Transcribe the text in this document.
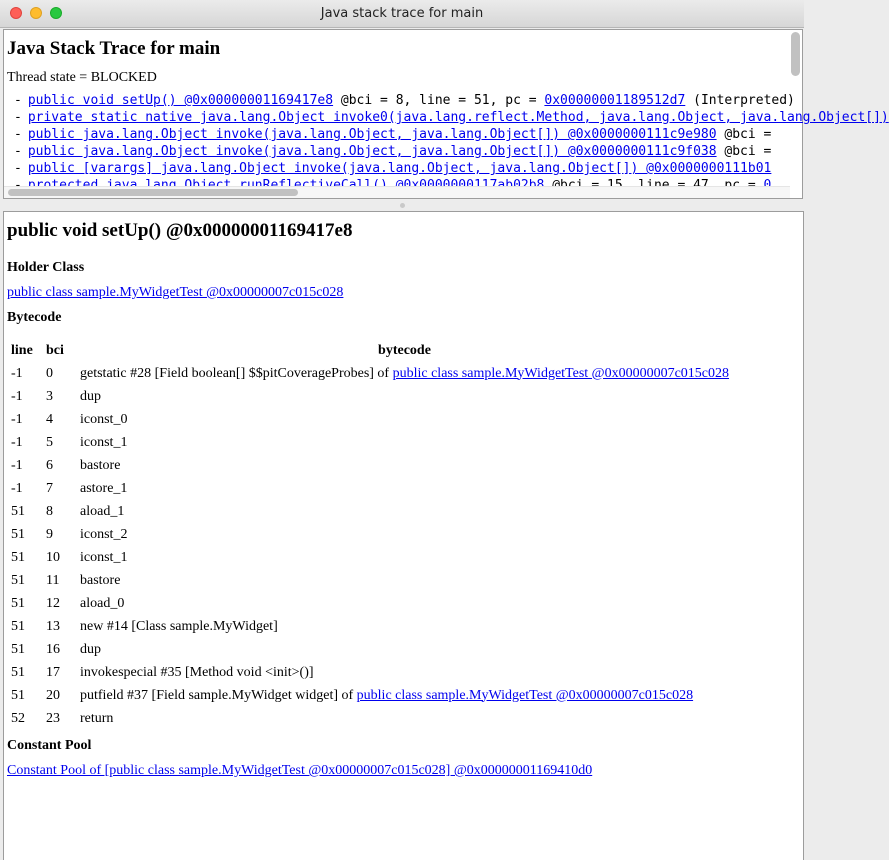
Java stack trace for main
Java Stack Trace for main
Thread state = BLOCKED
- public void setUp() @0x00000001169417e8 @bci = 8, line = 51, pc = 0x00000001189512d7 (Interpreted)
- private static native java.lang.Object invoke0(java.lang.reflect.Method, java.lang.Object, java.lang.Object[])
- public java.lang.Object invoke(java.lang.Object, java.lang.Object[]) @0x0000000111c9e980 @bci =
- public java.lang.Object invoke(java.lang.Object, java.lang.Object[]) @0x0000000111c9f038 @bci =
- public [varargs] java.lang.Object invoke(java.lang.Object, java.lang.Object[]) @0x0000000111b01
public void setUp() @0x00000001169417e8
Holder Class
public class sample.MyWidgetTest @0x00000007c015c028
Bytecode
line	bci	bytecode
-1	0	getstatic #28 [Field boolean[] $$pitCoverageProbes] of public class sample.MyWidgetTest @0x00000007c015c028
-1	3	dup
-1	4	iconst_0
-1	5	iconst_1
-1	6	bastore
-1	7	astore_1
51	8	aload_1
51	9	iconst_2
51	10	iconst_1
51	11	bastore
51	12	aload_0
51	13	new #14 [Class sample.MyWidget]
51	16	dup
51	17	invokespecial #35 [Method void <init>()]
51	20	putfield #37 [Field sample.MyWidget widget] of public class sample.MyWidgetTest @0x00000007c015c028
52	23	return
Constant Pool
Constant Pool of [public class sample.MyWidgetTest @0x00000007c015c028] @0x00000001169410d0
